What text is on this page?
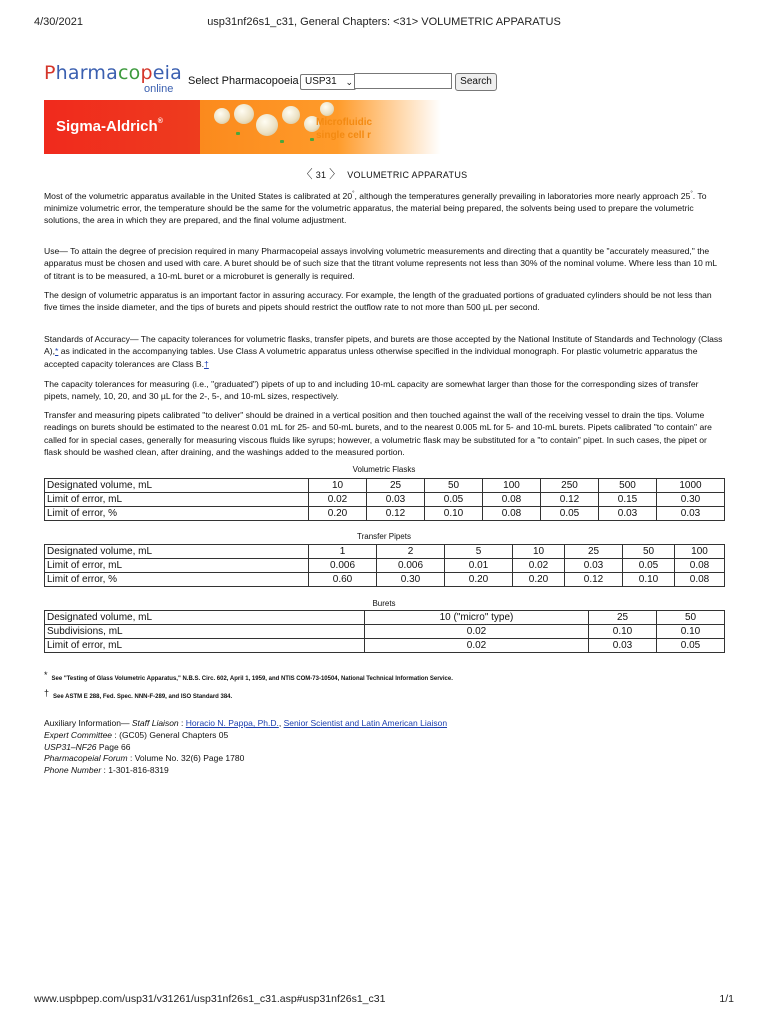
4/30/2021	usp31nf26s1_c31, General Chapters: <31> VOLUMETRIC APPARATUS
Pharmacopeia
online
Select Pharmacopoeia USP31 ⌄	Search
Sigma-Aldrich®	Microfluidic
single cell r
〈 31 〉 VOLUMETRIC APPARATUS
Most of the volumetric apparatus available in the United States is calibrated at 20°, although the temperatures generally prevailing in laboratories more nearly approach 25°. To minimize volumetric error, the temperature should be the same for the volumetric apparatus, the material being prepared, the solvents being used to prepare the volumetric solutions, the area in which they are prepared, and the final volume adjustment.
Use— To attain the degree of precision required in many Pharmacopeial assays involving volumetric measurements and directing that a quantity be "accurately measured," the apparatus must be chosen and used with care. A buret should be of such size that the titrant volume represents not less than 30% of the nominal volume. Where less than 10 mL of titrant is to be measured, a 10-mL buret or a microburet is generally is required.
The design of volumetric apparatus is an important factor in assuring accuracy. For example, the length of the graduated portions of graduated cylinders should be not less than five times the inside diameter, and the tips of burets and pipets should restrict the outflow rate to not more than 500 µL per second.
Standards of Accuracy— The capacity tolerances for volumetric flasks, transfer pipets, and burets are those accepted by the National Institute of Standards and Technology (Class A),* as indicated in the accompanying tables. Use Class A volumetric apparatus unless otherwise specified in the individual monograph. For plastic volumetric apparatus the accepted capacity tolerances are Class B.†
The capacity tolerances for measuring (i.e., "graduated") pipets of up to and including 10-mL capacity are somewhat larger than those for the corresponding sizes of transfer pipets, namely, 10, 20, and 30 µL for the 2-, 5-, and 10-mL sizes, respectively.
Transfer and measuring pipets calibrated "to deliver" should be drained in a vertical position and then touched against the wall of the receiving vessel to drain the tips. Volume readings on burets should be estimated to the nearest 0.01 mL for 25- and 50-mL burets, and to the nearest 0.005 mL for 5- and 10-mL burets. Pipets calibrated "to contain" are called for in special cases, generally for measuring viscous fluids like syrups; however, a volumetric flask may be substituted for a "to contain" pipet. In such cases, the pipet or flask should be washed clean, after draining, and the washings added to the measured portion.
Volumetric Flasks
Designated volume, mL	10	25	50	100	250	500	1000
Limit of error, mL	0.02	0.03	0.05	0.08	0.12	0.15	0.30
Limit of error, %	0.20	0.12	0.10	0.08	0.05	0.03	0.03
Transfer Pipets
Designated volume, mL	1	2	5	10	25	50	100
Limit of error, mL	0.006	0.006	0.01	0.02	0.03	0.05	0.08
Limit of error, %	0.60	0.30	0.20	0.20	0.12	0.10	0.08
Burets
Designated volume, mL	10 ("micro" type)	25	50
Subdivisions, mL	0.02	0.10	0.10
Limit of error, mL	0.02	0.03	0.05
* See "Testing of Glass Volumetric Apparatus," N.B.S. Circ. 602, April 1, 1959, and NTIS COM-73-10504, National Technical Information Service.
† See ASTM E 288, Fed. Spec. NNN-F-289, and ISO Standard 384.
Auxiliary Information— Staff Liaison : Horacio N. Pappa, Ph.D., Senior Scientist and Latin American Liaison
Expert Committee : (GC05) General Chapters 05
USP31–NF26 Page 66
Pharmacopeial Forum : Volume No. 32(6) Page 1780
Phone Number : 1-301-816-8319
www.uspbpep.com/usp31/v31261/usp31nf26s1_c31.asp#usp31nf26s1_c31	1/1
